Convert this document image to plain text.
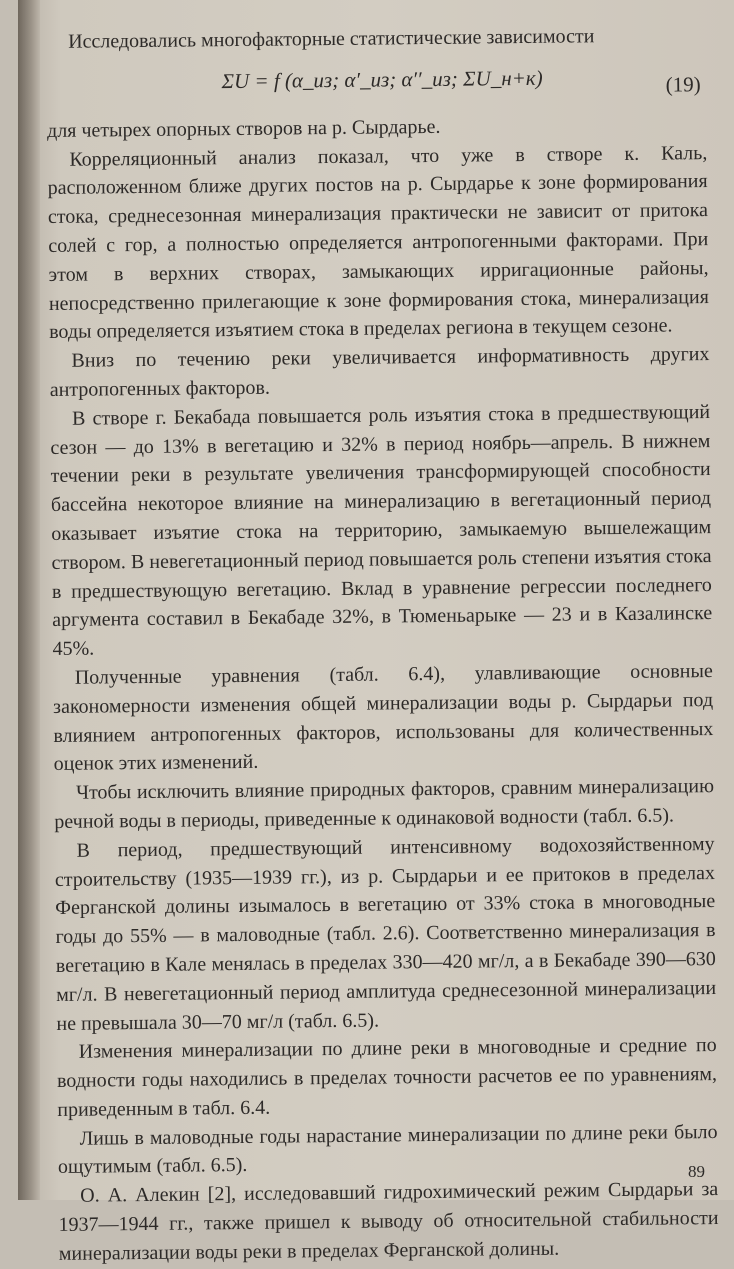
Исследовались многофакторные статистические зависимости

ΣU = f (α_из; α′_из; α′′_из; ΣU_н+к)	(19)

для четырех опорных створов на р. Сырдарье.

Корреляционный анализ показал, что уже в створе к. Каль, расположенном ближе других постов на р. Сырдарье к зоне формирования стока, среднесезонная минерализация практически не зависит от притока солей с гор, а полностью определяется антропогенными факторами. При этом в верхних створах, замыкающих ирригационные районы, непосредственно прилегающие к зоне формирования стока, минерализация воды определяется изъятием стока в пределах региона в текущем сезоне.

Вниз по течению реки увеличивается информативность других антропогенных факторов.

В створе г. Бекабада повышается роль изъятия стока в предшествующий сезон — до 13% в вегетацию и 32% в период ноябрь—апрель. В нижнем течении реки в результате увеличения трансформирующей способности бассейна некоторое влияние на минерализацию в вегетационный период оказывает изъятие стока на территорию, замыкаемую вышележащим створом. В невегетационный период повышается роль степени изъятия стока в предшествующую вегетацию. Вклад в уравнение регрессии последнего аргумента составил в Бекабаде 32%, в Тюменьарыке — 23 и в Казалинске 45%.

Полученные уравнения (табл. 6.4), улавливающие основные закономерности изменения общей минерализации воды р. Сырдарьи под влиянием антропогенных факторов, использованы для количественных оценок этих изменений.

Чтобы исключить влияние природных факторов, сравним минерализацию речной воды в периоды, приведенные к одинаковой водности (табл. 6.5).

В период, предшествующий интенсивному водохозяйственному строительству (1935—1939 гг.), из р. Сырдарьи и ее притоков в пределах Ферганской долины изымалось в вегетацию от 33% стока в многоводные годы до 55% — в маловодные (табл. 2.6). Соответственно минерализация в вегетацию в Кале менялась в пределах 330—420 мг/л, а в Бекабаде 390—630 мг/л. В невегетационный период амплитуда среднесезонной минерализации не превышала 30—70 мг/л (табл. 6.5).

Изменения минерализации по длине реки в многоводные и средние по водности годы находились в пределах точности расчетов ее по уравнениям, приведенным в табл. 6.4.

Лишь в маловодные годы нарастание минерализации по длине реки было ощутимым (табл. 6.5).

О. А. Алекин [2], исследовавший гидрохимический режим Сырдарьи за 1937—1944 гг., также пришел к выводу об относительной стабильности минерализации воды реки в пределах Ферганской долины.

89
